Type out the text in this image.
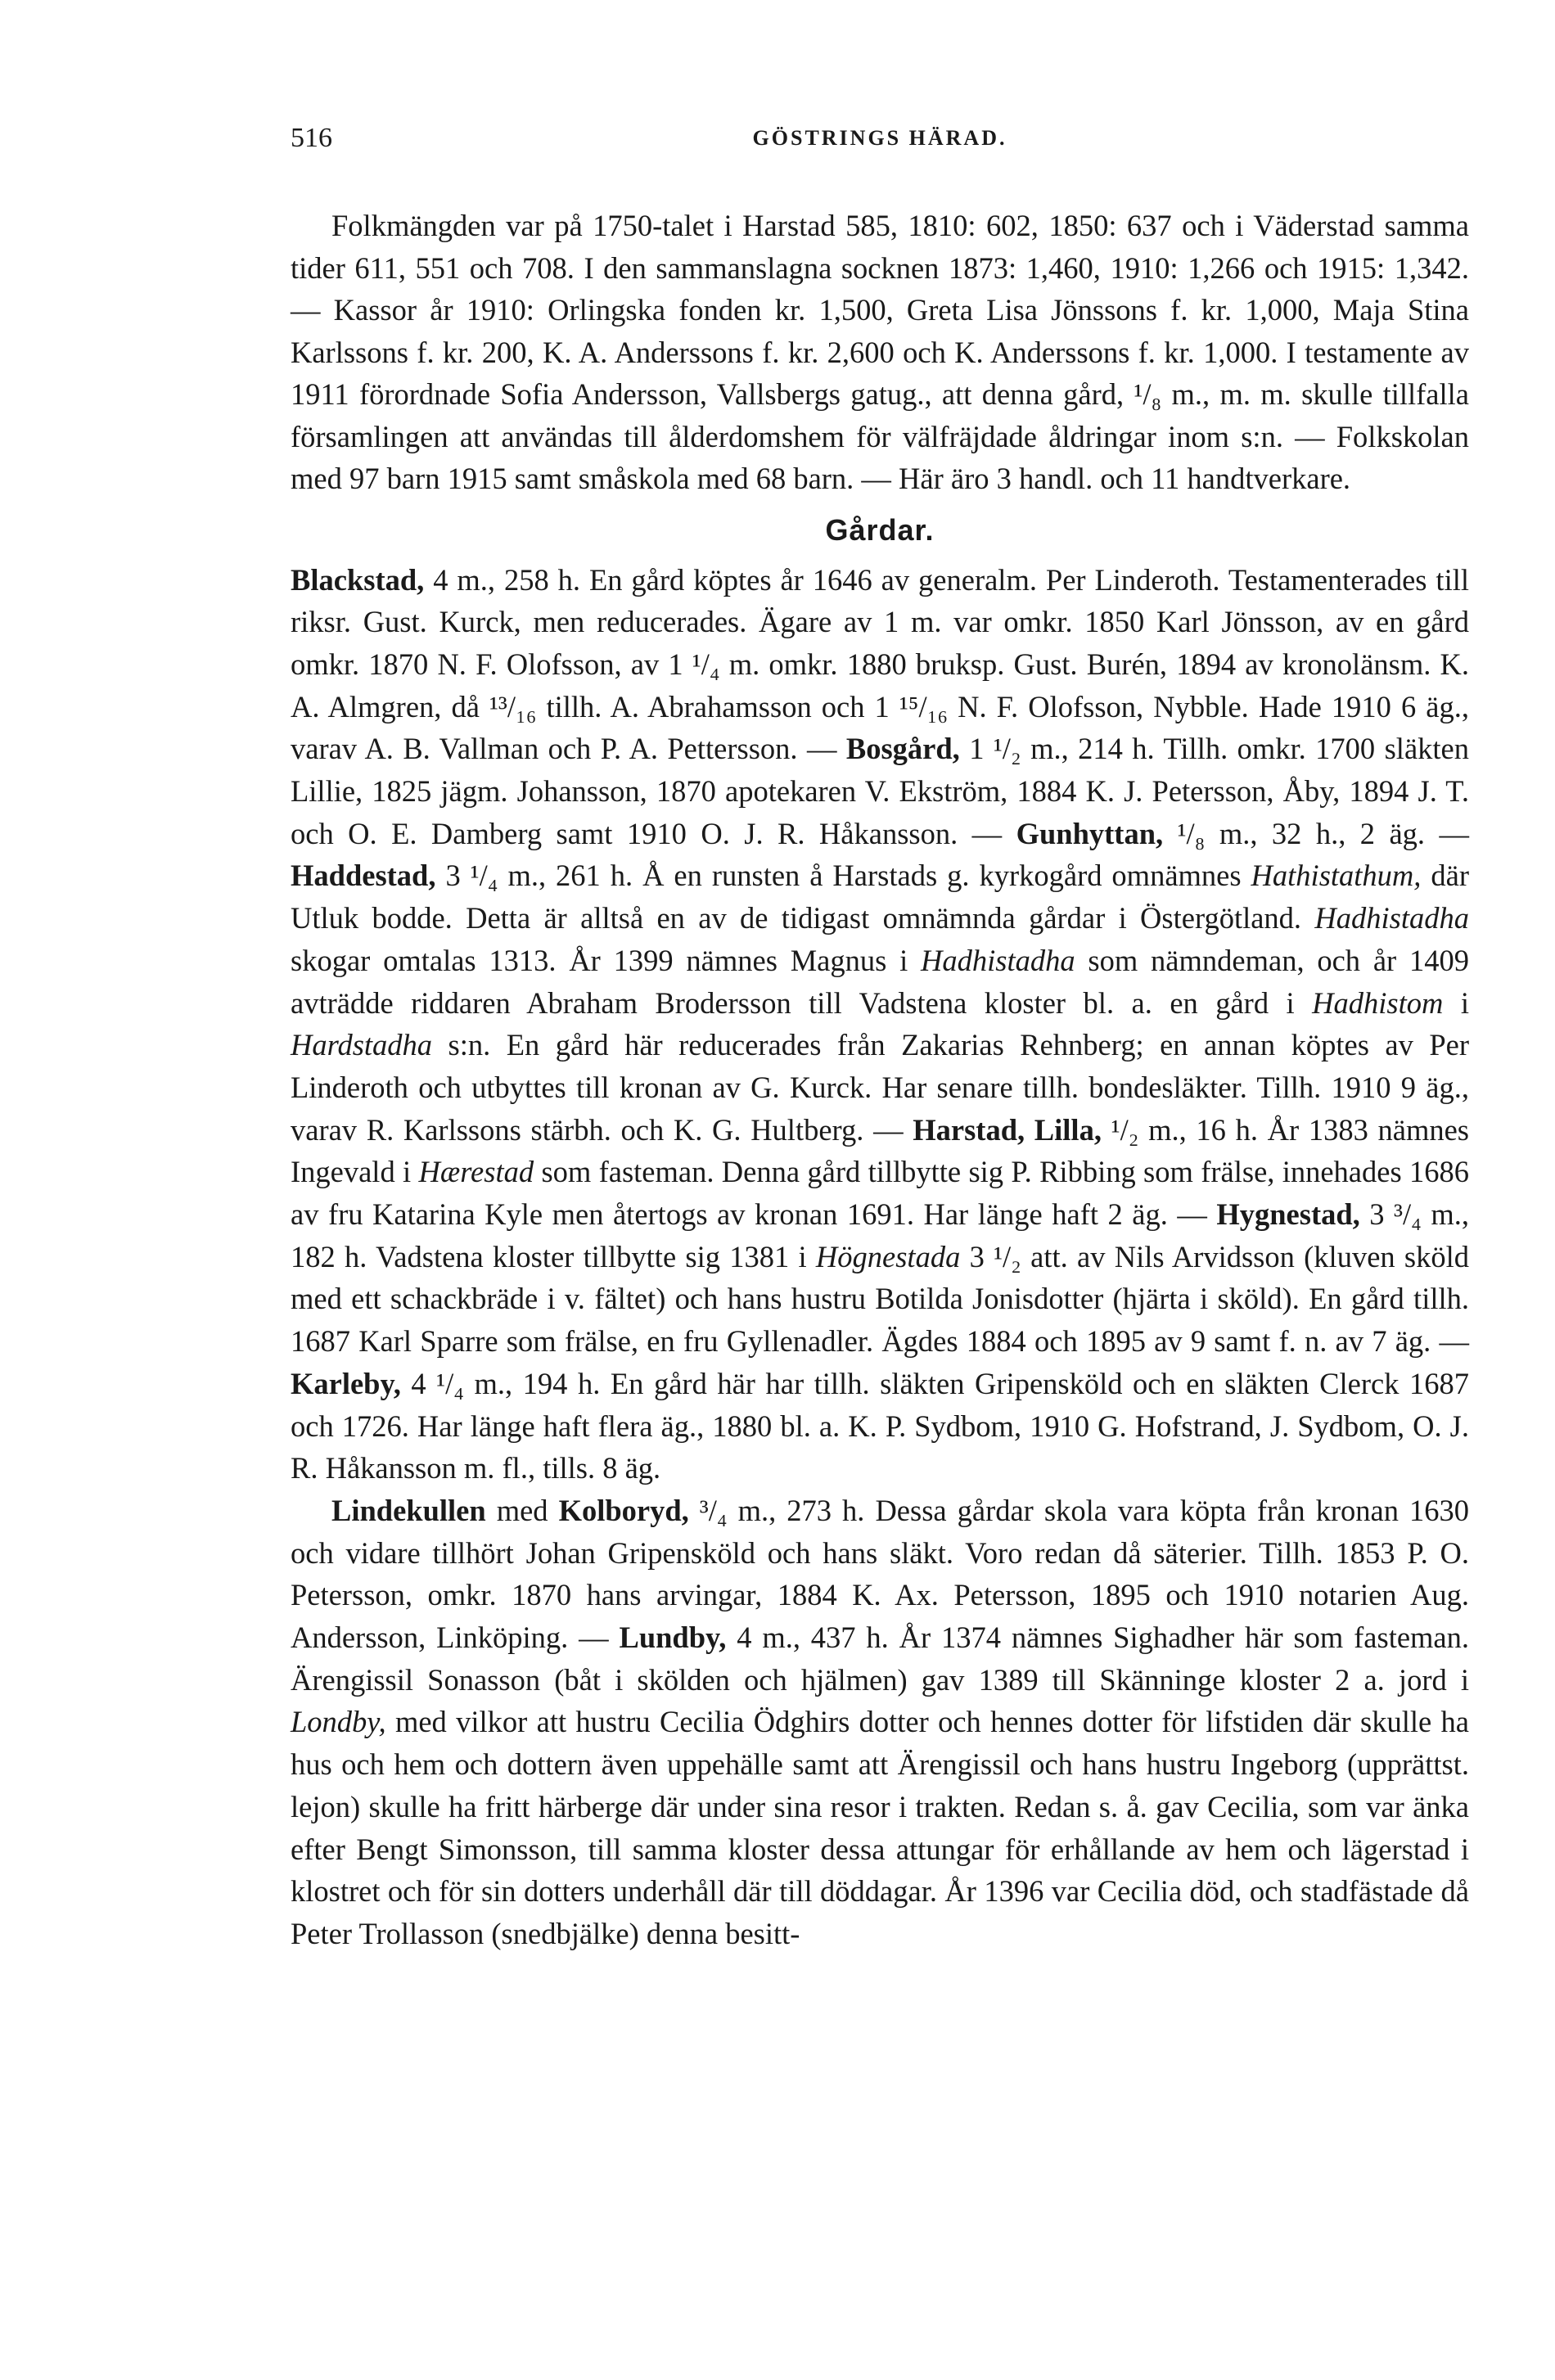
516	GÖSTRINGS HÄRAD.

Folkmängden var på 1750-talet i Harstad 585, 1810: 602, 1850: 637 och i Väderstad samma tider 611, 551 och 708. I den sammanslagna socknen 1873: 1,460, 1910: 1,266 och 1915: 1,342. — Kassor år 1910: Orlingska fonden kr. 1,500, Greta Lisa Jönssons f. kr. 1,000, Maja Stina Karlssons f. kr. 200, K. A. Anderssons f. kr. 2,600 och K. Anderssons f. kr. 1,000. I testamente av 1911 förordnade Sofia Andersson, Vallsbergs gatug., att denna gård, ¹/₈ m., m. m. skulle tillfalla församlingen att användas till ålderdomshem för välfräjdade åldringar inom s:n. — Folkskolan med 97 barn 1915 samt småskola med 68 barn. — Här äro 3 handl. och 11 handtverkare.

Gårdar.

Blackstad, 4 m., 258 h. En gård köptes år 1646 av generalm. Per Linderoth. Testamenterades till riksr. Gust. Kurck, men reducerades. Ägare av 1 m. var omkr. 1850 Karl Jönsson, av en gård omkr. 1870 N. F. Olofsson, av 1 ¹/₄ m. omkr. 1880 bruksp. Gust. Burén, 1894 av kronolänsm. K. A. Almgren, då ¹³/₁₆ tillh. A. Abrahamsson och 1 ¹⁵/₁₆ N. F. Olofsson, Nybble. Hade 1910 6 äg., varav A. B. Vallman och P. A. Pettersson. — Bosgård, 1 ¹/₂ m., 214 h. Tillh. omkr. 1700 släkten Lillie, 1825 jägm. Johansson, 1870 apotekaren V. Ekström, 1884 K. J. Petersson, Åby, 1894 J. T. och O. E. Damberg samt 1910 O. J. R. Håkansson. — Gunhyttan, ¹/₈ m., 32 h., 2 äg. — Haddestad, 3 ¹/₄ m., 261 h. Å en runsten å Harstads g. kyrkogård omnämnes Hathistathum, där Utluk bodde. Detta är alltså en av de tidigast omnämnda gårdar i Östergötland. Hadhistadha skogar omtalas 1313. År 1399 nämnes Magnus i Hadhistadha som nämndeman, och år 1409 avträdde riddaren Abraham Brodersson till Vadstena kloster bl. a. en gård i Hadhistom i Hardstadha s:n. En gård här reducerades från Zakarias Rehnberg; en annan köptes av Per Linderoth och utbyttes till kronan av G. Kurck. Har senare tillh. bondesläkter. Tillh. 1910 9 äg., varav R. Karlssons stärbh. och K. G. Hultberg. — Harstad, Lilla, ¹/₂ m., 16 h. År 1383 nämnes Ingevald i Hærestad som fasteman. Denna gård tillbytte sig P. Ribbing som frälse, innehades 1686 av fru Katarina Kyle men återtogs av kronan 1691. Har länge haft 2 äg. — Hygnestad, 3 ³/₄ m., 182 h. Vadstena kloster tillbytte sig 1381 i Högnestada 3 ¹/₂ att. av Nils Arvidsson (kluven sköld med ett schackbräde i v. fältet) och hans hustru Botilda Jonisdotter (hjärta i sköld). En gård tillh. 1687 Karl Sparre som frälse, en fru Gyllenadler. Ägdes 1884 och 1895 av 9 samt f. n. av 7 äg. — Karleby, 4 ¹/₄ m., 194 h. En gård här har tillh. släkten Gripensköld och en släkten Clerck 1687 och 1726. Har länge haft flera äg., 1880 bl. a. K. P. Sydbom, 1910 G. Hofstrand, J. Sydbom, O. J. R. Håkansson m. fl., tills. 8 äg.

Lindekullen med Kolboryd, ³/₄ m., 273 h. Dessa gårdar skola vara köpta från kronan 1630 och vidare tillhört Johan Gripensköld och hans släkt. Voro redan då säterier. Tillh. 1853 P. O. Petersson, omkr. 1870 hans arvingar, 1884 K. Ax. Petersson, 1895 och 1910 notarien Aug. Andersson, Linköping. — Lundby, 4 m., 437 h. År 1374 nämnes Sighadher här som fasteman. Ärengissil Sonasson (båt i skölden och hjälmen) gav 1389 till Skänninge kloster 2 a. jord i Londby, med vilkor att hustru Cecilia Ödghirs dotter och hennes dotter för lifstiden där skulle ha hus och hem och dottern även uppehälle samt att Ärengissil och hans hustru Ingeborg (upprättst. lejon) skulle ha fritt härberge där under sina resor i trakten. Redan s. å. gav Cecilia, som var änka efter Bengt Simonsson, till samma kloster dessa attungar för erhållande av hem och lägerstad i klostret och för sin dotters underhåll där till döddagar. År 1396 var Cecilia död, och stadfästade då Peter Trollasson (snedbjälke) denna besitt-
